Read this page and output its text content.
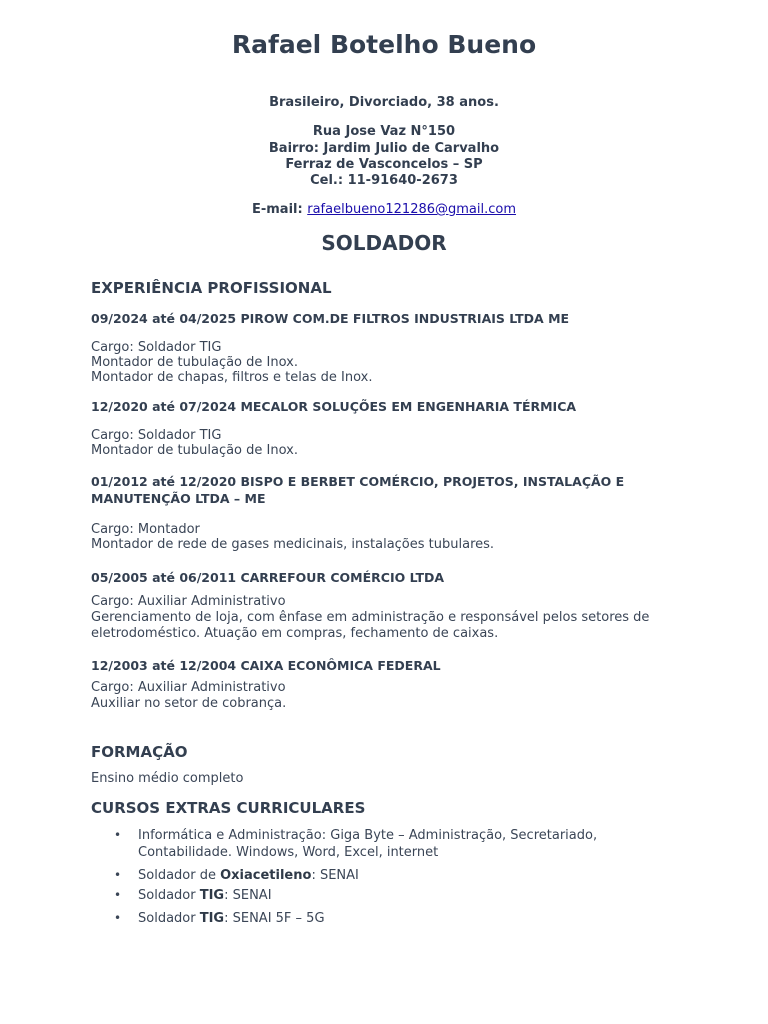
Rafael Botelho Bueno
Brasileiro, Divorciado, 38 anos.
Rua Jose Vaz N°150
Bairro: Jardim Julio de Carvalho
Ferraz de Vasconcelos – SP
Cel.: 11-91640-2673
E-mail: rafaelbueno121286@gmail.com
SOLDADOR
EXPERIÊNCIA PROFISSIONAL
09/2024 até 04/2025 PIROW COM.DE FILTROS INDUSTRIAIS LTDA ME
Cargo: Soldador TIG
Montador de tubulação de Inox.
Montador de chapas, filtros e telas de Inox.
12/2020 até 07/2024 MECALOR SOLUÇÕES EM ENGENHARIA TÉRMICA
Cargo: Soldador TIG
Montador de tubulação de Inox.
01/2012 até 12/2020 BISPO E BERBET COMÉRCIO, PROJETOS, INSTALAÇÃO E
MANUTENÇÃO LTDA – ME
Cargo: Montador
Montador de rede de gases medicinais, instalações tubulares.
05/2005 até 06/2011 CARREFOUR COMÉRCIO LTDA
Cargo: Auxiliar Administrativo
Gerenciamento de loja, com ênfase em administração e responsável pelos setores de
eletrodoméstico. Atuação em compras, fechamento de caixas.
12/2003 até 12/2004 CAIXA ECONÔMICA FEDERAL
Cargo: Auxiliar Administrativo
Auxiliar no setor de cobrança.
FORMAÇÃO
Ensino médio completo
CURSOS EXTRAS CURRICULARES
• Informática e Administração: Giga Byte – Administração, Secretariado,
Contabilidade. Windows, Word, Excel, internet
• Soldador de Oxiacetileno: SENAI
• Soldador TIG: SENAI
• Soldador TIG: SENAI 5F – 5G
